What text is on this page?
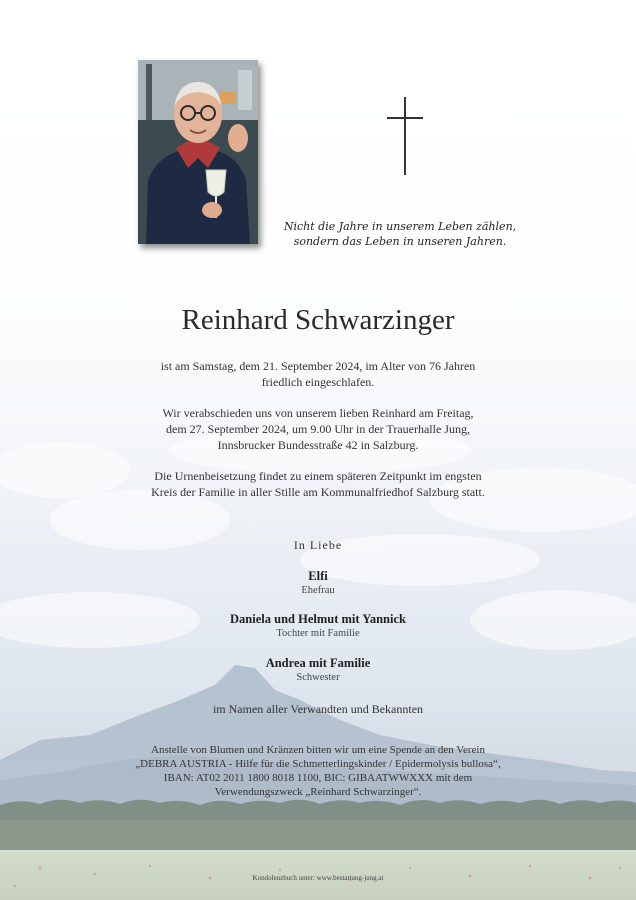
Nicht die Jahre in unserem Leben zählen,
sondern das Leben in unseren Jahren.
Reinhard Schwarzinger
ist am Samstag, dem 21. September 2024, im Alter von 76 Jahren
friedlich eingeschlafen.
Wir verabschieden uns von unserem lieben Reinhard am Freitag,
dem 27. September 2024, um 9.00 Uhr in der Trauerhalle Jung,
Innsbrucker Bundesstraße 42 in Salzburg.
Die Urnenbeisetzung findet zu einem späteren Zeitpunkt im engsten
Kreis der Familie in aller Stille am Kommunalfriedhof Salzburg statt.
In Liebe
Elfi
Ehefrau
Daniela und Helmut mit Yannick
Tochter mit Familie
Andrea mit Familie
Schwester
im Namen aller Verwandten und Bekannten
Anstelle von Blumen und Kränzen bitten wir um eine Spende an den Verein
„DEBRA AUSTRIA - Hilfe für die Schmetterlingskinder / Epidermolysis bullosa“,
IBAN: AT02 2011 1800 8018 1100, BIC: GIBAATWWXXX mit dem
Verwendungszweck „Reinhard Schwarzinger“.
Kondolenzbuch unter: www.bestattung-jung.at
